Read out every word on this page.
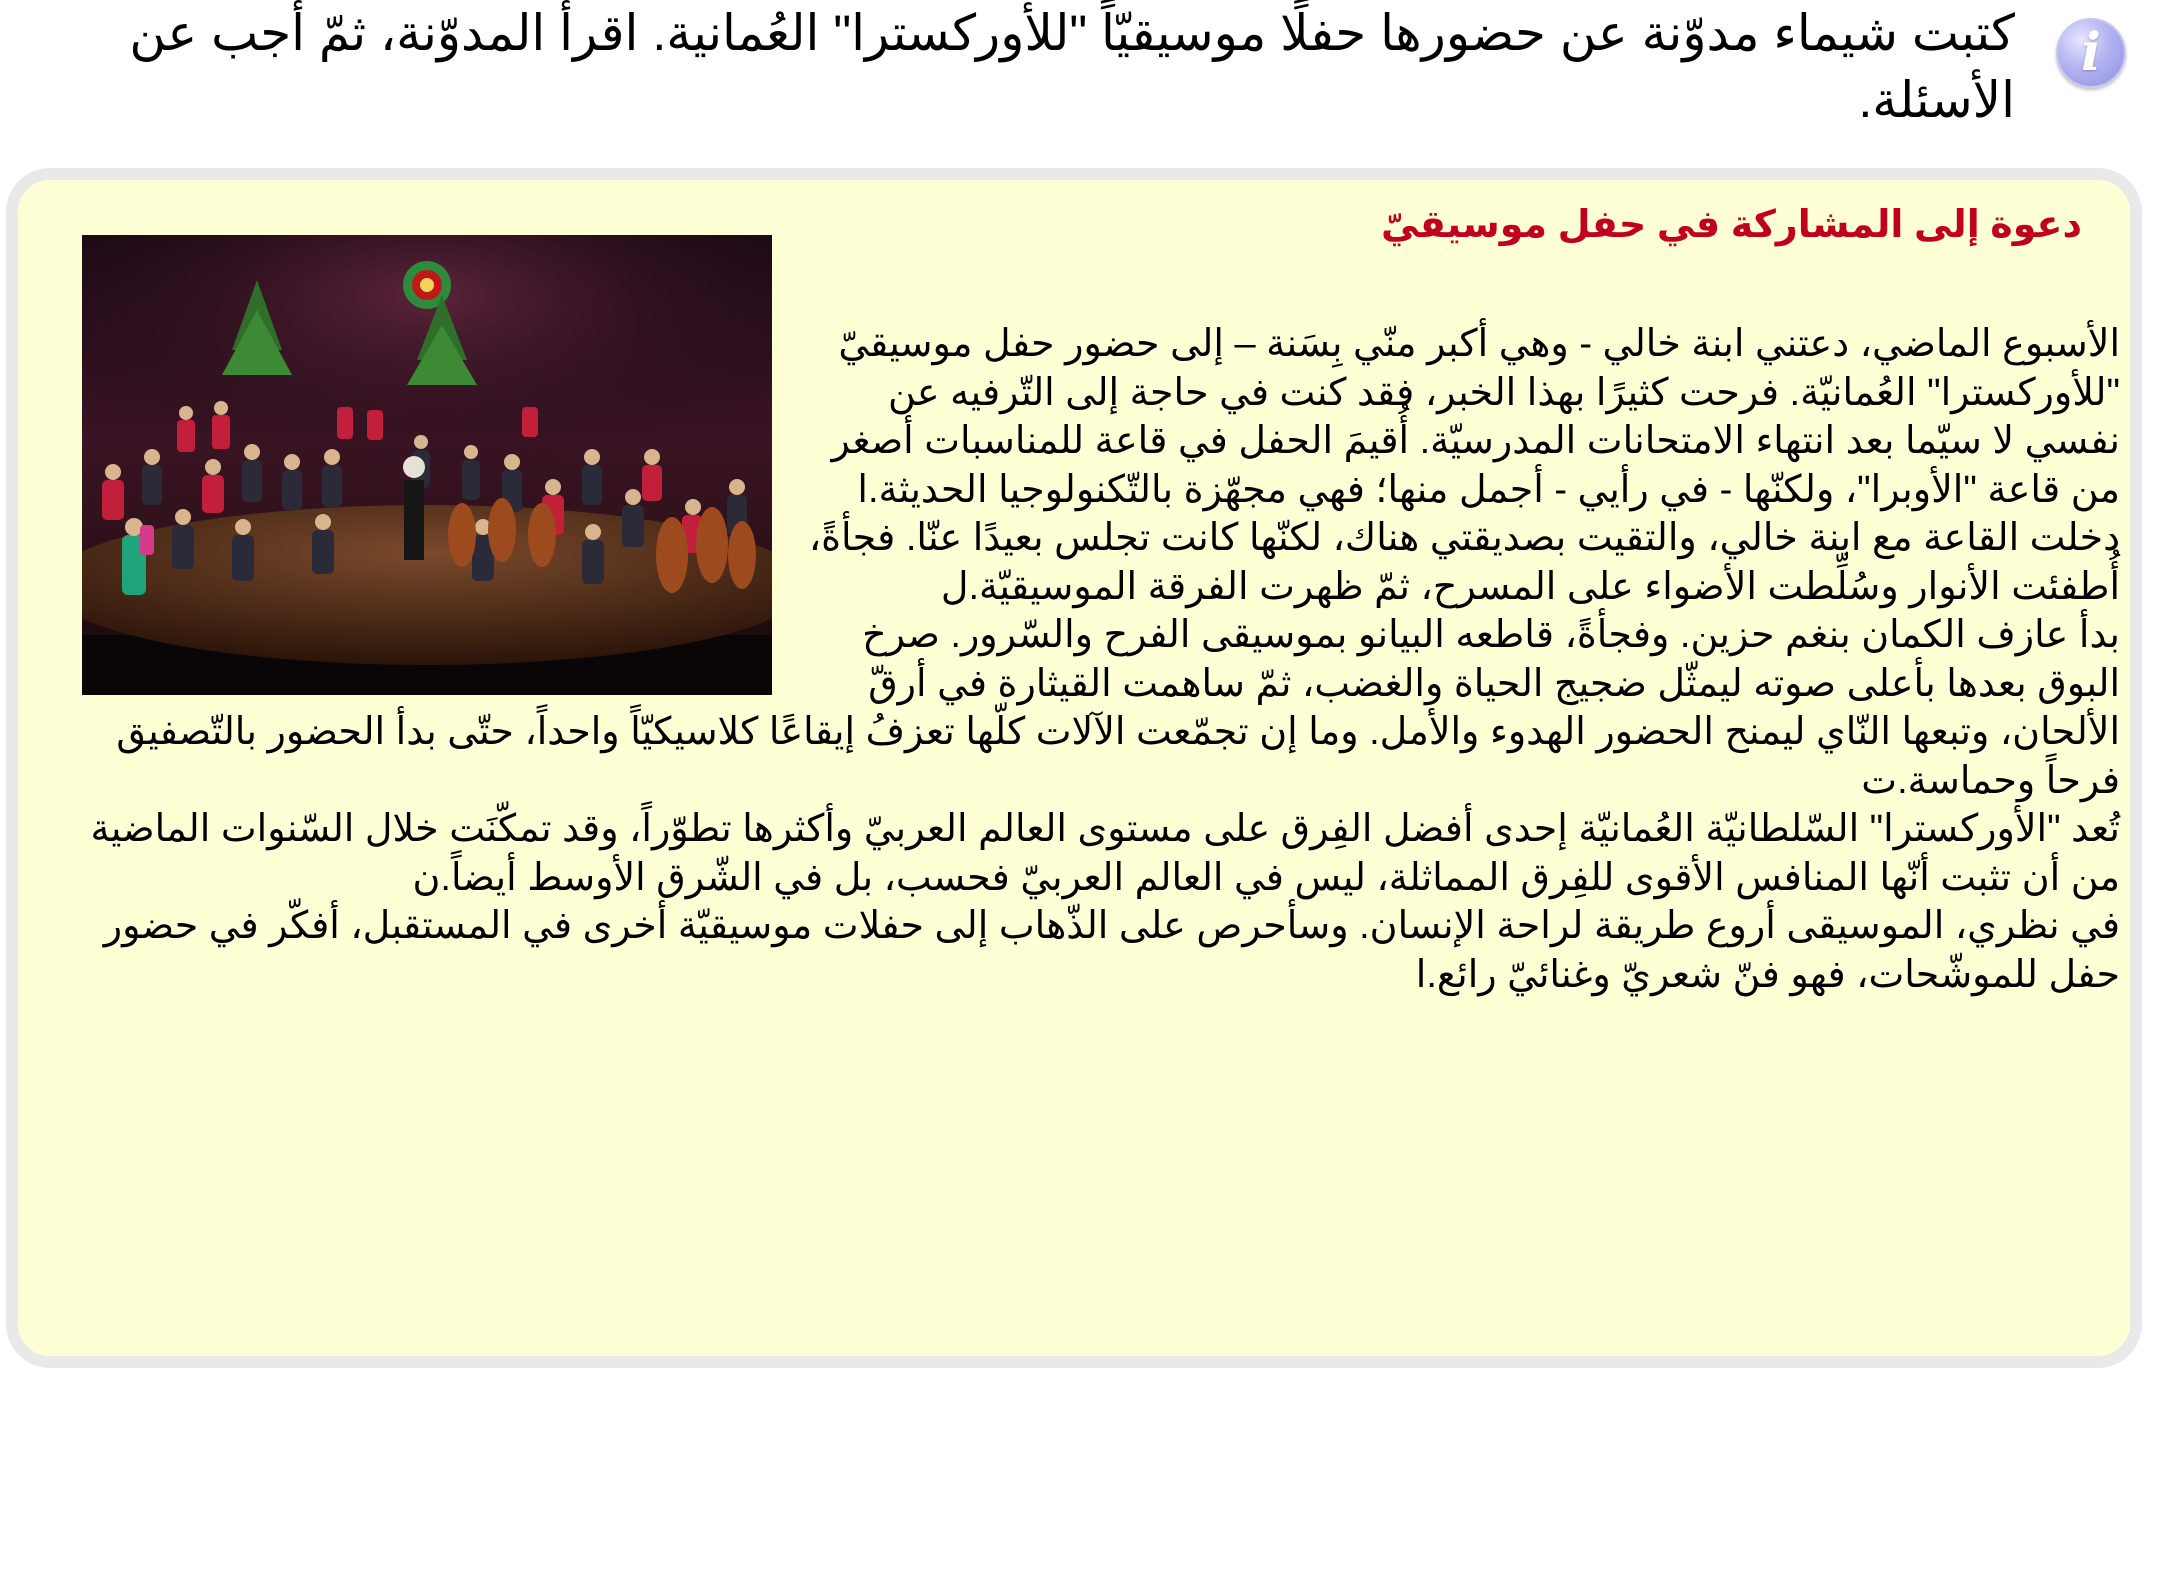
i

كتبت شيماء مدوّنة عن حضورها حفلًا موسيقيّاً "للأوركسترا" العُمانية. اقرأ المدوّنة، ثمّ أجب عن الأسئلة.

دعوة إلى المشاركة في حفل موسيقيّ

الأسبوع الماضي، دعتني ابنة خالي - وهي أكبر منّي بِسَنة – إلى حضور حفل موسيقيّ "للأوركسترا" العُمانيّة. فرحت كثيرًا بهذا الخبر، فقد كنت في حاجة إلى التّرفيه عن نفسي لا سيّما بعد انتهاء الامتحانات المدرسيّة. أُقيمَ الحفل في قاعة للمناسبات أصغر من قاعة "الأوبرا"، ولكنّها - في رأيي - أجمل منها؛ فهي مجهّزة بالتّكنولوجيا الحديثة.ا

دخلت القاعة مع ابنة خالي، والتقيت بصديقتي هناك، لكنّها كانت تجلس بعيدًا عنّا. فجأةً، أُطفئت الأنوار وسُلِّطت الأضواء على المسرح، ثمّ ظهرت الفرقة الموسيقيّة.ل

بدأ عازف الكمان بنغم حزين. وفجأةً، قاطعه البيانو بموسيقى الفرح والسّرور. صرخ البوق بعدها بأعلى صوته ليمثّل ضجيج الحياة والغضب، ثمّ ساهمت القيثارة في أرقّ الألحان، وتبعها النّاي ليمنح الحضور الهدوء والأمل. وما إن تجمّعت الآلات كلّها تعزفُ إيقاعًا كلاسيكيّاً واحداً، حتّى بدأ الحضور بالتّصفيق فرحاً وحماسة.ت

تُعد "الأوركسترا" السّلطانيّة العُمانيّة إحدى أفضل الفِرق على مستوى العالم العربيّ وأكثرها تطوّراً، وقد تمكّنَت خلال السّنوات الماضية من أن تثبت أنّها المنافس الأقوى للفِرق المماثلة، ليس في العالم العربيّ فحسب، بل في الشّرق الأوسط أيضاً.ن

في نظري، الموسيقى أروع طريقة لراحة الإنسان. وسأحرص على الذّهاب إلى حفلات موسيقيّة أخرى في المستقبل، أفكّر في حضور حفل للموشّحات، فهو فنّ شعريّ وغنائيّ رائع.ا
